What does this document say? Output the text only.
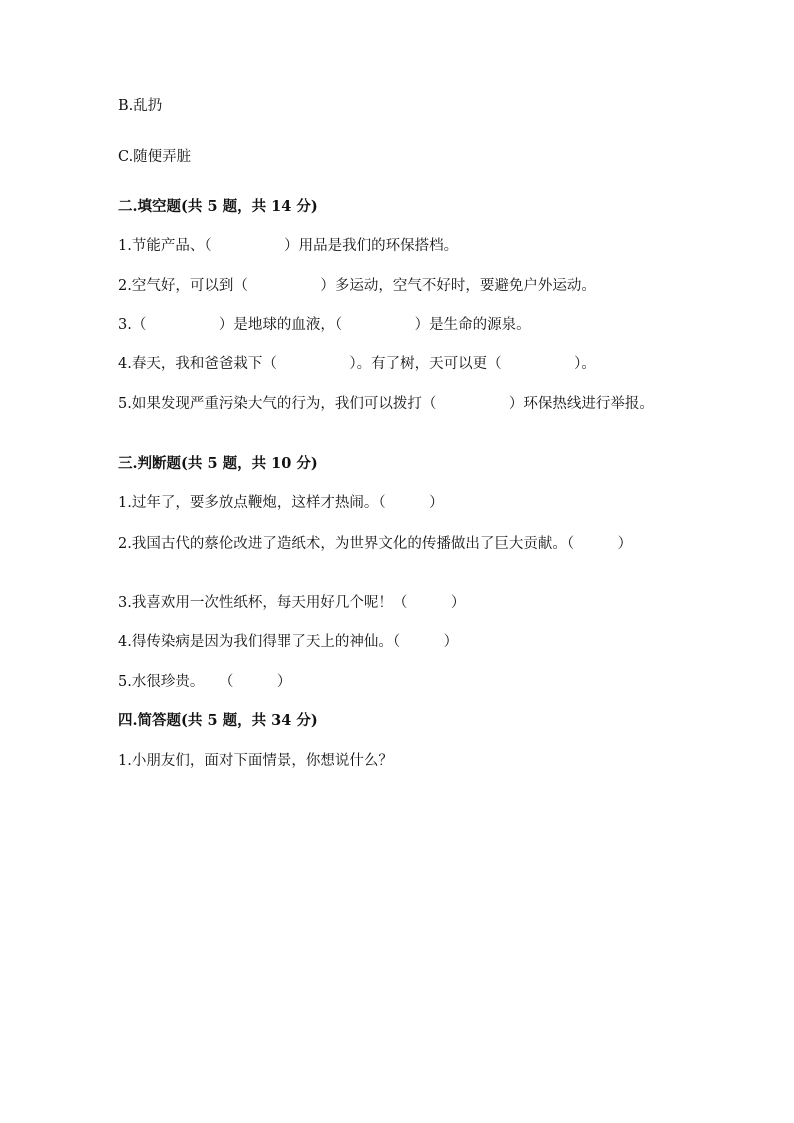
B.乱扔

C.随便弄脏

二.填空题(共 5 题，共 14 分)

1.节能产品、（　　　　　）用品是我们的环保搭档。

2.空气好，可以到（　　　　　）多运动，空气不好时，要避免户外运动。

3.（　　　　　）是地球的血液，（　　　　　）是生命的源泉。

4.春天，我和爸爸栽下（　　　　　）。有了树，天可以更（　　　　　）。

5.如果发现严重污染大气的行为，我们可以拨打（　　　　　）环保热线进行举报。

三.判断题(共 5 题，共 10 分)

1.过年了，要多放点鞭炮，这样才热闹。（　　　）

2.我国古代的蔡伦改进了造纸术，为世界文化的传播做出了巨大贡献。（　　　）

3.我喜欢用一次性纸杯，每天用好几个呢！（　　　）

4.得传染病是因为我们得罪了天上的神仙。（　　　）

5.水很珍贵。　　（　　　）

四.简答题(共 5 题，共 34 分)

1.小朋友们，面对下面情景，你想说什么？
